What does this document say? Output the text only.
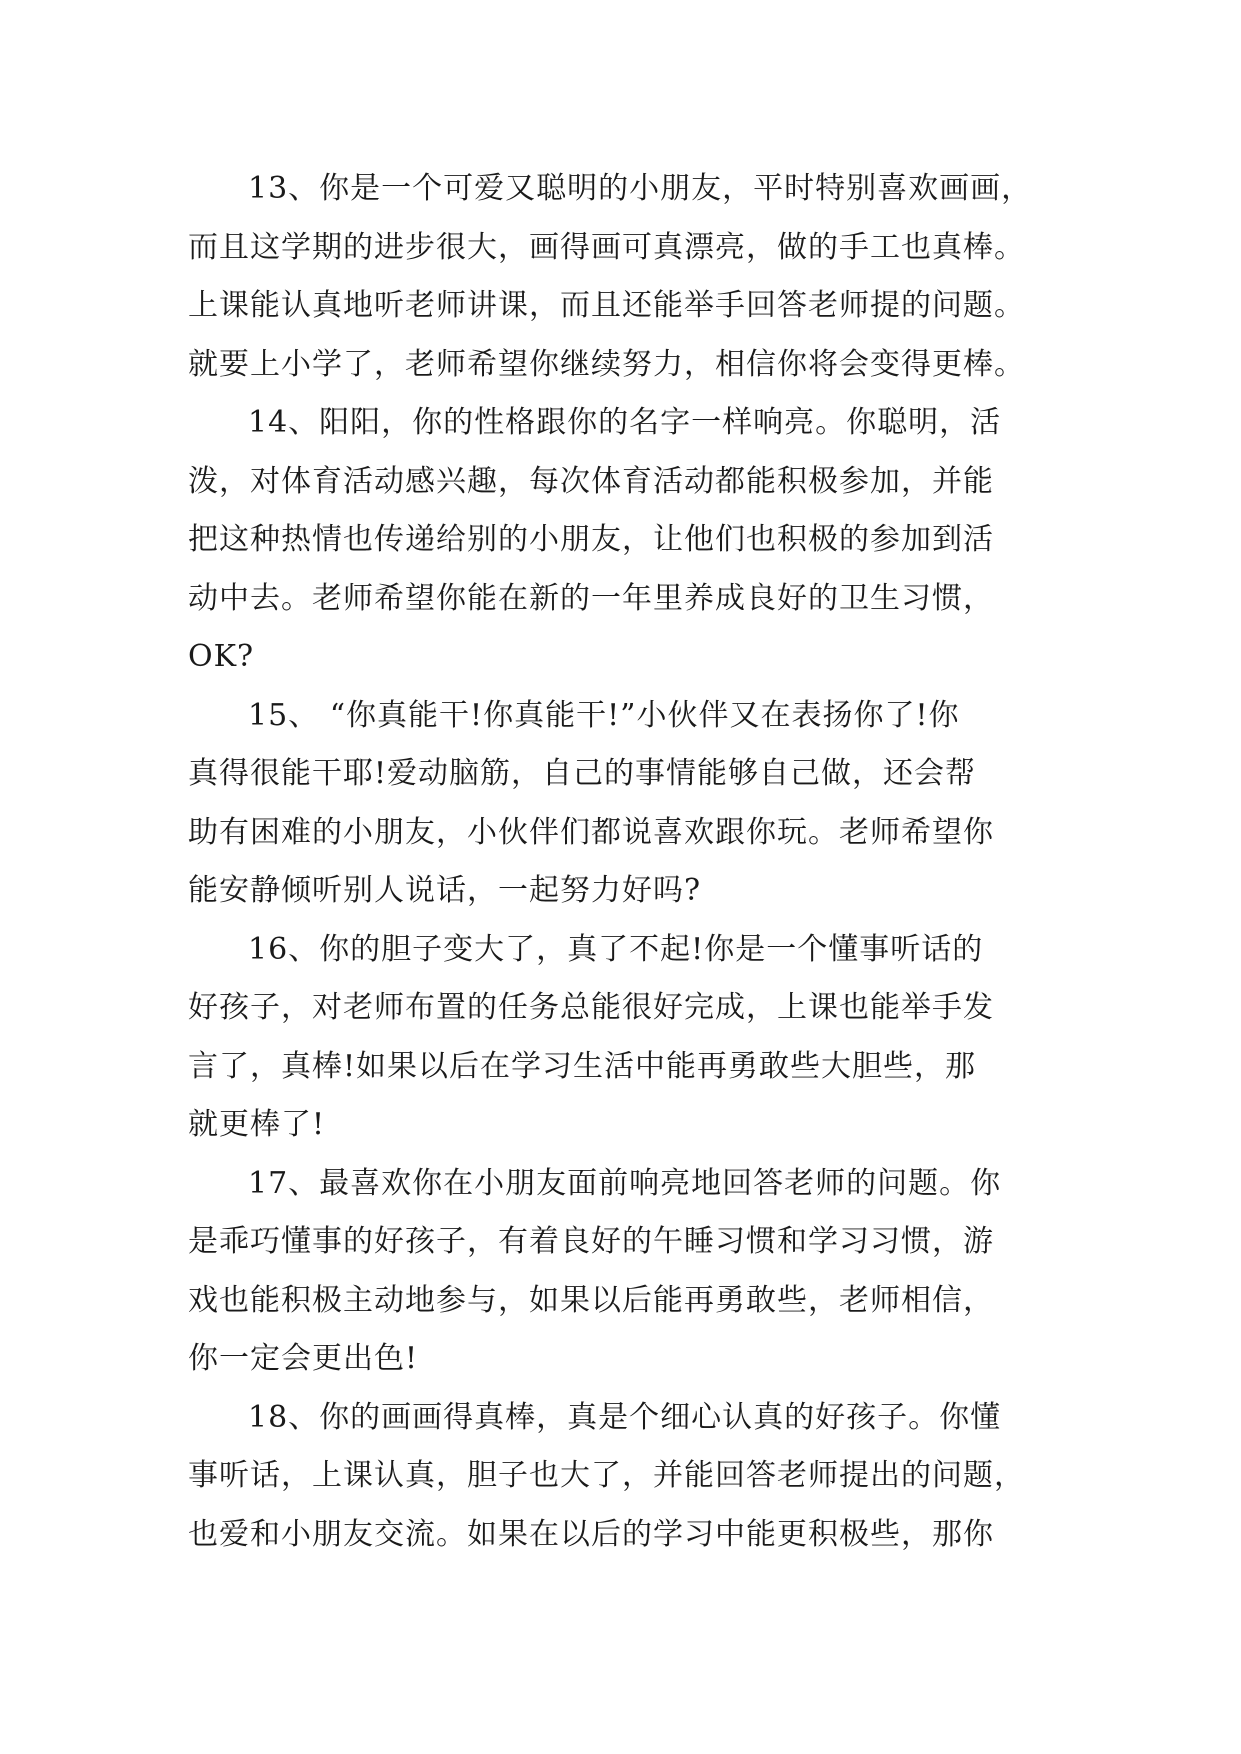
13、你是一个可爱又聪明的小朋友，平时特别喜欢画画，
而且这学期的进步很大，画得画可真漂亮，做的手工也真棒。
上课能认真地听老师讲课，而且还能举手回答老师提的问题。
就要上小学了，老师希望你继续努力，相信你将会变得更棒。
14、阳阳，你的性格跟你的名字一样响亮。你聪明，活
泼，对体育活动感兴趣，每次体育活动都能积极参加，并能
把这种热情也传递给别的小朋友，让他们也积极的参加到活
动中去。老师希望你能在新的一年里养成良好的卫生习惯，
OK?
15、 “你真能干!你真能干!”小伙伴又在表扬你了!你
真得很能干耶!爱动脑筋，自己的事情能够自己做，还会帮
助有困难的小朋友，小伙伴们都说喜欢跟你玩。老师希望你
能安静倾听别人说话，一起努力好吗?
16、你的胆子变大了，真了不起!你是一个懂事听话的
好孩子，对老师布置的任务总能很好完成，上课也能举手发
言了，真棒!如果以后在学习生活中能再勇敢些大胆些，那
就更棒了!
17、最喜欢你在小朋友面前响亮地回答老师的问题。你
是乖巧懂事的好孩子，有着良好的午睡习惯和学习习惯，游
戏也能积极主动地参与，如果以后能再勇敢些，老师相信，
你一定会更出色!
18、你的画画得真棒，真是个细心认真的好孩子。你懂
事听话，上课认真，胆子也大了，并能回答老师提出的问题，
也爱和小朋友交流。如果在以后的学习中能更积极些，那你
